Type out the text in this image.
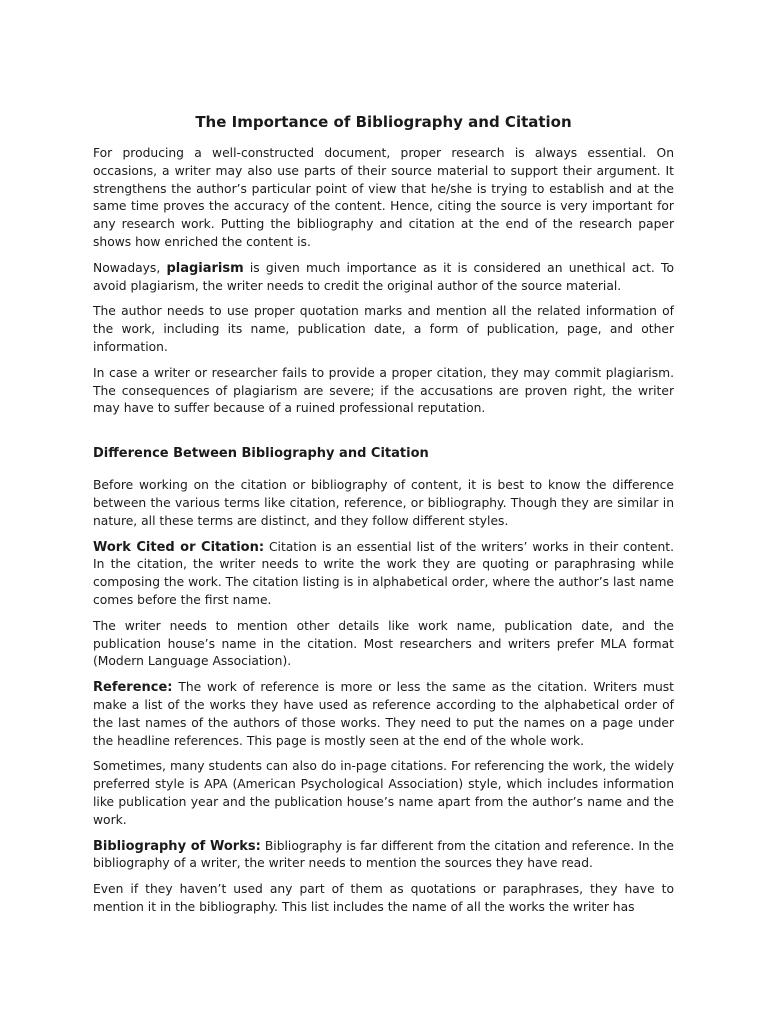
The Importance of Bibliography and Citation

For producing a well-constructed document, proper research is always essential. On occasions, a writer may also use parts of their source material to support their argument. It strengthens the author’s particular point of view that he/she is trying to establish and at the same time proves the accuracy of the content. Hence, citing the source is very important for any research work. Putting the bibliography and citation at the end of the research paper shows how enriched the content is.

Nowadays, plagiarism is given much importance as it is considered an unethical act. To avoid plagiarism, the writer needs to credit the original author of the source material.

The author needs to use proper quotation marks and mention all the related information of the work, including its name, publication date, a form of publication, page, and other information.

In case a writer or researcher fails to provide a proper citation, they may commit plagiarism. The consequences of plagiarism are severe; if the accusations are proven right, the writer may have to suffer because of a ruined professional reputation.

Difference Between Bibliography and Citation

Before working on the citation or bibliography of content, it is best to know the difference between the various terms like citation, reference, or bibliography. Though they are similar in nature, all these terms are distinct, and they follow different styles.

Work Cited or Citation: Citation is an essential list of the writers’ works in their content. In the citation, the writer needs to write the work they are quoting or paraphrasing while composing the work. The citation listing is in alphabetical order, where the author’s last name comes before the first name.

The writer needs to mention other details like work name, publication date, and the publication house’s name in the citation. Most researchers and writers prefer MLA format (Modern Language Association).

Reference: The work of reference is more or less the same as the citation. Writers must make a list of the works they have used as reference according to the alphabetical order of the last names of the authors of those works. They need to put the names on a page under the headline references. This page is mostly seen at the end of the whole work.

Sometimes, many students can also do in-page citations. For referencing the work, the widely preferred style is APA (American Psychological Association) style, which includes information like publication year and the publication house’s name apart from the author’s name and the work.

Bibliography of Works: Bibliography is far different from the citation and reference. In the bibliography of a writer, the writer needs to mention the sources they have read.

Even if they haven’t used any part of them as quotations or paraphrases, they have to mention it in the bibliography. This list includes the name of all the works the writer has
